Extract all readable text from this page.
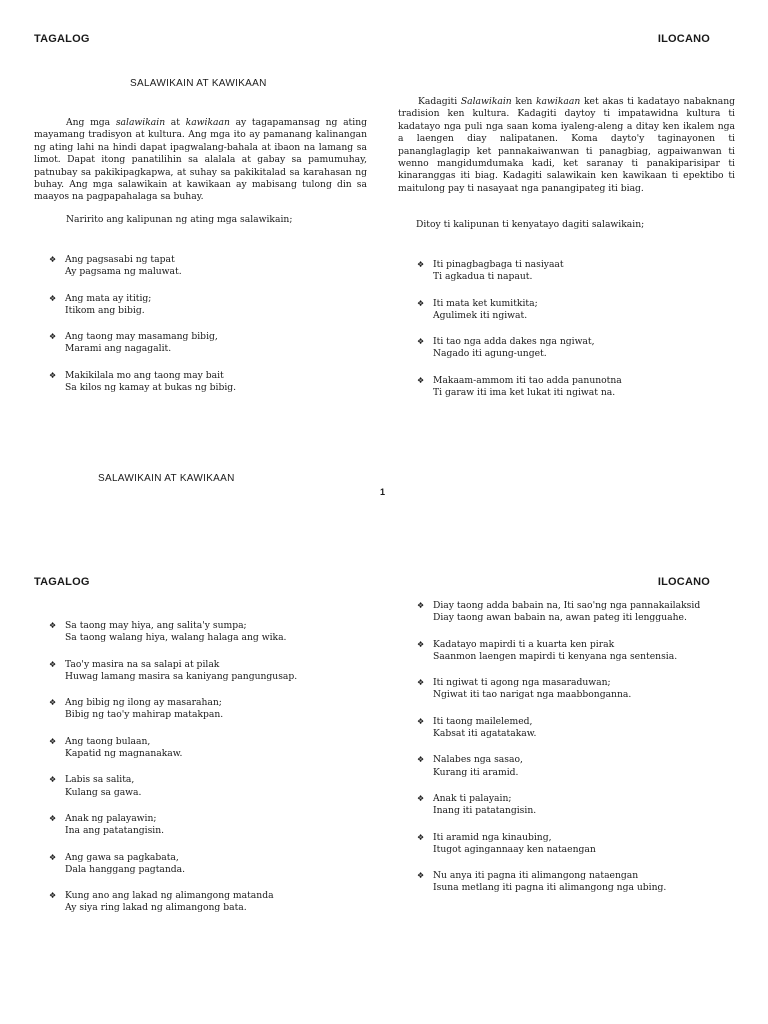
TAGALOG	ILOCANO
SALAWIKAIN AT KAWIKAAN
Ang mga salawikain at kawikaan ay tagapamansag ng ating mayamang tradisyon at kultura. Ang mga ito ay pamanang kalinangan ng ating lahi na hindi dapat ipagwalang-bahala at ibaon na lamang sa limot. Dapat itong panatilihin sa alalala at gabay sa pamumuhay, patnubay sa pakikipagkapwa, at suhay sa pakikitalad sa karahasan ng buhay. Ang mga salawikain at kawikaan ay mabisang tulong din sa maayos na pagpapahalaga sa buhay.
Naririto ang kalipunan ng ating mga salawikain;
Kadagiti Salawikain ken kawikaan ket akas ti kadatayo nabaknang tradision ken kultura. Kadagiti daytoy ti impatawidna kultura ti kadatayo nga puli nga saan koma iyaleng-aleng a ditay ken ikalem nga a laengen diay nalipatanen. Koma dayto'y taginayonen ti pananglaglagip ket pannakaiwanwan ti panagbiag, agpaiwanwan ti wenno mangidumdumaka kadi, ket saranay ti panakiparisipar ti kinaranggas iti biag. Kadagiti salawikain ken kawikaan ti epektibo ti maitulong pay ti nasayaat nga panangipateg iti biag.
Ditoy ti kalipunan ti kenyatayo dagiti salawikain;
❖ Ang pagsasabi ng tapat
Ay pagsama ng maluwat.
❖ Ang mata ay ititig;
Itikom ang bibig.
❖ Ang taong may masamang bibig,
Marami ang nagagalit.
❖ Makikilala mo ang taong may bait
Sa kilos ng kamay at bukas ng bibig.
❖ Iti pinagbagbaga ti nasiyaat
Ti agkadua ti napaut.
❖ Iti mata ket kumitkita;
Agulimek iti ngiwat.
❖ Iti tao nga adda dakes nga ngiwat,
Nagado iti agung-unget.
❖ Makaam-ammom iti tao adda panunotna
Ti garaw iti ima ket lukat iti ngiwat na.
SALAWIKAIN AT KAWIKAAN
1
TAGALOG	ILOCANO
❖ Sa taong may hiya, ang salita'y sumpa;
Sa taong walang hiya, walang halaga ang wika.
❖ Tao'y masira na sa salapi at pilak
Huwag lamang masira sa kaniyang pangungusap.
❖ Ang bibig ng ilong ay masarahan;
Bibig ng tao'y mahirap matakpan.
❖ Ang taong bulaan,
Kapatid ng magnanakaw.
❖ Labis sa salita,
Kulang sa gawa.
❖ Anak ng palayawin;
Ina ang patatangisin.
❖ Ang gawa sa pagkabata,
Dala hanggang pagtanda.
❖ Kung ano ang lakad ng alimangong matanda
Ay siya ring lakad ng alimangong bata.
❖ Diay taong adda babain na, Iti sao'ng nga pannakailaksid
Diay taong awan babain na, awan pateg iti lengguahe.
❖ Kadatayo mapirdi ti a kuarta ken pirak
Saanmon laengen mapirdi ti kenyana nga sentensia.
❖ Iti ngiwat ti agong nga masaraduwan;
Ngiwat iti tao narigat nga maabbonganna.
❖ Iti taong mailelemed,
Kabsat iti agatatakaw.
❖ Nalabes nga sasao,
Kurang iti aramid.
❖ Anak ti palayain;
Inang iti patatangisin.
❖ Iti aramid nga kinaubing,
Itugot agingannaay ken nataengan
❖ Nu anya iti pagna iti alimangong nataengan
Isuna metlang iti pagna iti alimangong nga ubing.
